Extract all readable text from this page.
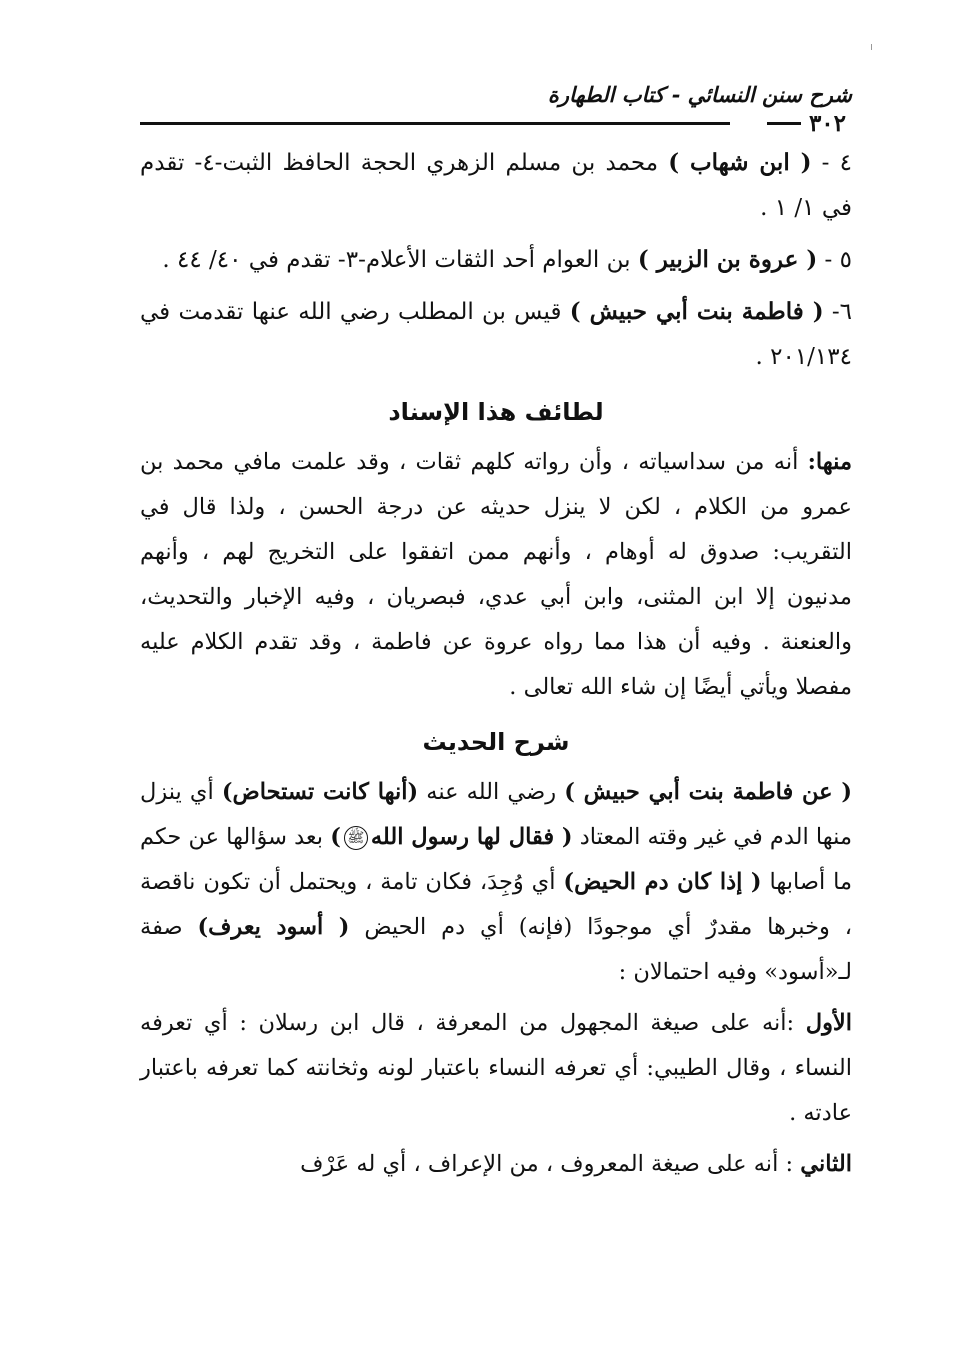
شرح سنن النسائي - كتاب الطهارة
٣٠٢

٤ - ( ابن شهاب ) محمد بن مسلم الزهري الحجة الحافظ الثبت-٤- تقدم في ١/ ١ .

٥ - ( عروة بن الزبير ) بن العوام أحد الثقات الأعلام-٣- تقدم في ٤٠/ ٤٤ .

٦- ( فاطمة بنت أبي حبيش ) قيس بن المطلب رضي الله عنها تقدمت في ٢٠١/١٣٤ .

لطائف هذا الإسناد

منها: أنه من سداسياته ، وأن رواته كلهم ثقات ، وقد علمت مافي محمد بن عمرو من الكلام ، لكن لا ينزل حديثه عن درجة الحسن ، ولذا قال في التقريب: صدوق له أوهام ، وأنهم ممن اتفقوا على التخريج لهم ، وأنهم مدنيون إلا ابن المثنى، وابن أبي عدي، فبصريان ، وفيه الإخبار والتحديث، والعنعنة . وفيه أن هذا مما رواه عروة عن فاطمة ، وقد تقدم الكلام عليه مفصلا ويأتي أيضًا إن شاء الله تعالى .

شرح الحديث

( عن فاطمة بنت أبي حبيش ) رضي الله عنه (أنها كانت تستحاض) أي ينزل منها الدم في غير وقته المعتاد ( فقال لها رسول اللهﷺ) بعد سؤالها عن حكم ما أصابها ( إذا كان دم الحيض) أي وُجِدَ، فكان تامة ، ويحتمل أن تكون ناقصة ، وخبرها مقدرٌ أي موجودًا (فإنه) أي دم الحيض ( أسود يعرف) صفة لـ«أسود» وفيه احتمالان :

الأول :أنه على صيغة المجهول من المعرفة ، قال ابن رسلان : أي تعرفه النساء ، وقال الطيبي: أي تعرفه النساء باعتبار لونه وثخانته كما تعرفه باعتبار عادته .

الثاني : أنه على صيغة المعروف ، من الإعراف ، أي له عَرْف
